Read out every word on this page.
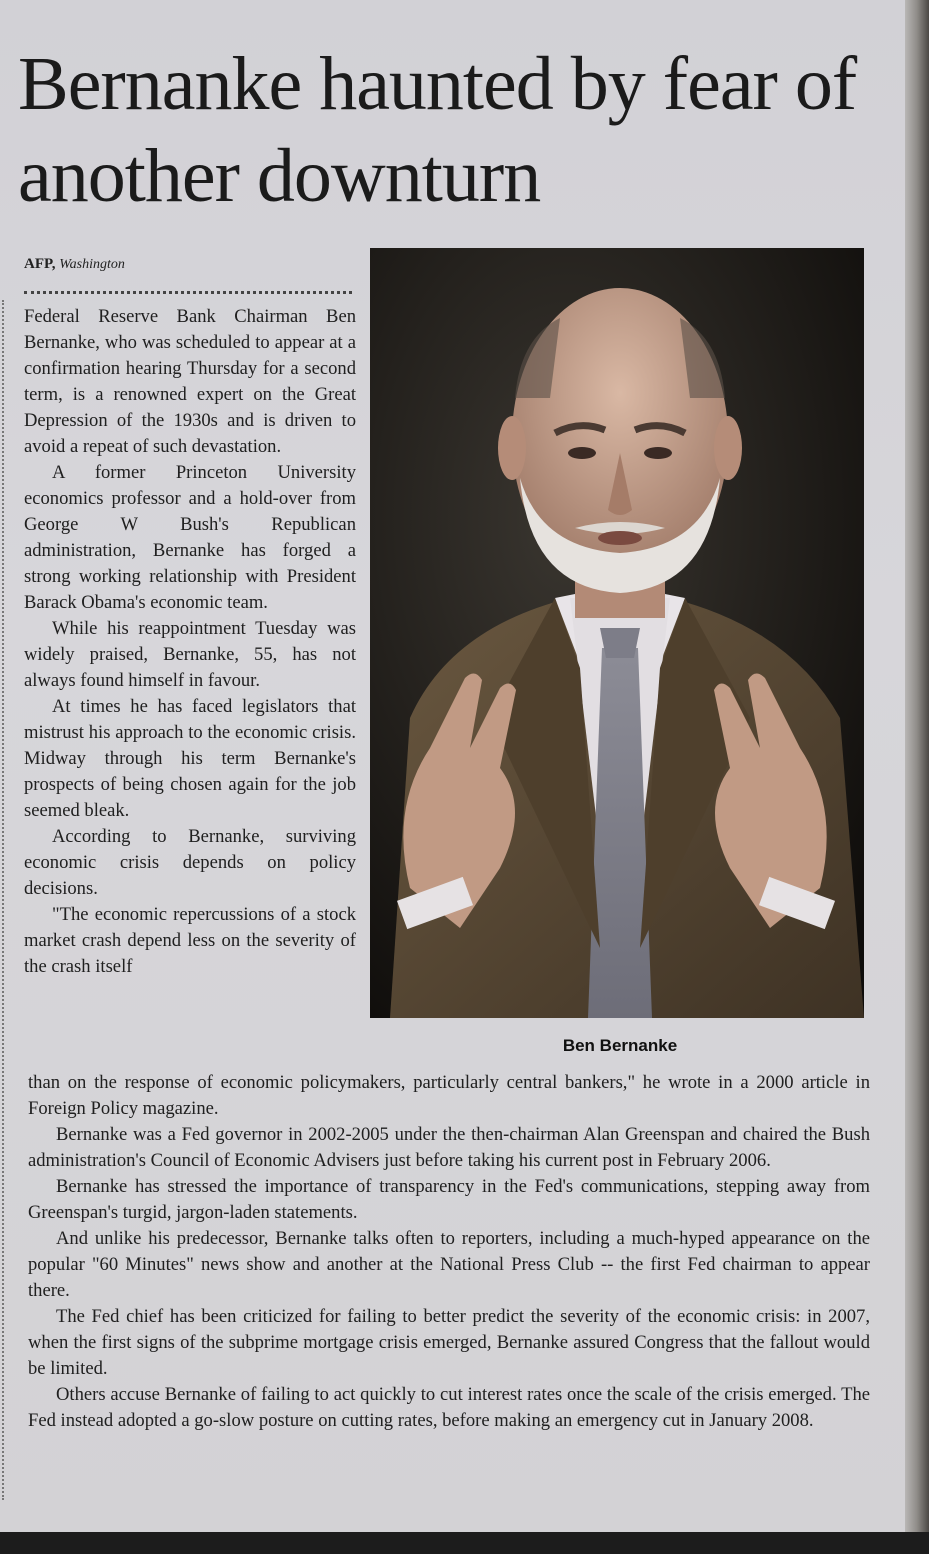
Bernanke haunted by fear of another downturn
AFP, Washington

Federal Reserve Bank Chairman Ben Bernanke, who was scheduled to appear at a confirmation hearing Thursday for a second term, is a renowned expert on the Great Depression of the 1930s and is driven to avoid a repeat of such devastation.

A former Princeton University economics professor and a hold-over from George W Bush's Republican administration, Bernanke has forged a strong working relationship with President Barack Obama's economic team.

While his reappointment Tuesday was widely praised, Bernanke, 55, has not always found himself in favour.

At times he has faced legislators that mistrust his approach to the economic crisis. Midway through his term Bernanke's prospects of being chosen again for the job seemed bleak.

According to Bernanke, surviving economic crisis depends on policy decisions.

"The economic repercussions of a stock market crash depend less on the severity of the crash itself

Ben Bernanke

than on the response of economic policymakers, particularly central bankers," he wrote in a 2000 article in Foreign Policy magazine.

Bernanke was a Fed governor in 2002-2005 under the then-chairman Alan Greenspan and chaired the Bush administration's Council of Economic Advisers just before taking his current post in February 2006.

Bernanke has stressed the importance of transparency in the Fed's communications, stepping away from Greenspan's turgid, jargon-laden statements.

And unlike his predecessor, Bernanke talks often to reporters, including a much-hyped appearance on the popular "60 Minutes" news show and another at the National Press Club -- the first Fed chairman to appear there.

The Fed chief has been criticized for failing to better predict the severity of the economic crisis: in 2007, when the first signs of the subprime mortgage crisis emerged, Bernanke assured Congress that the fallout would be limited.

Others accuse Bernanke of failing to act quickly to cut interest rates once the scale of the crisis emerged. The Fed instead adopted a go-slow posture on cutting rates, before making an emergency cut in January 2008.
